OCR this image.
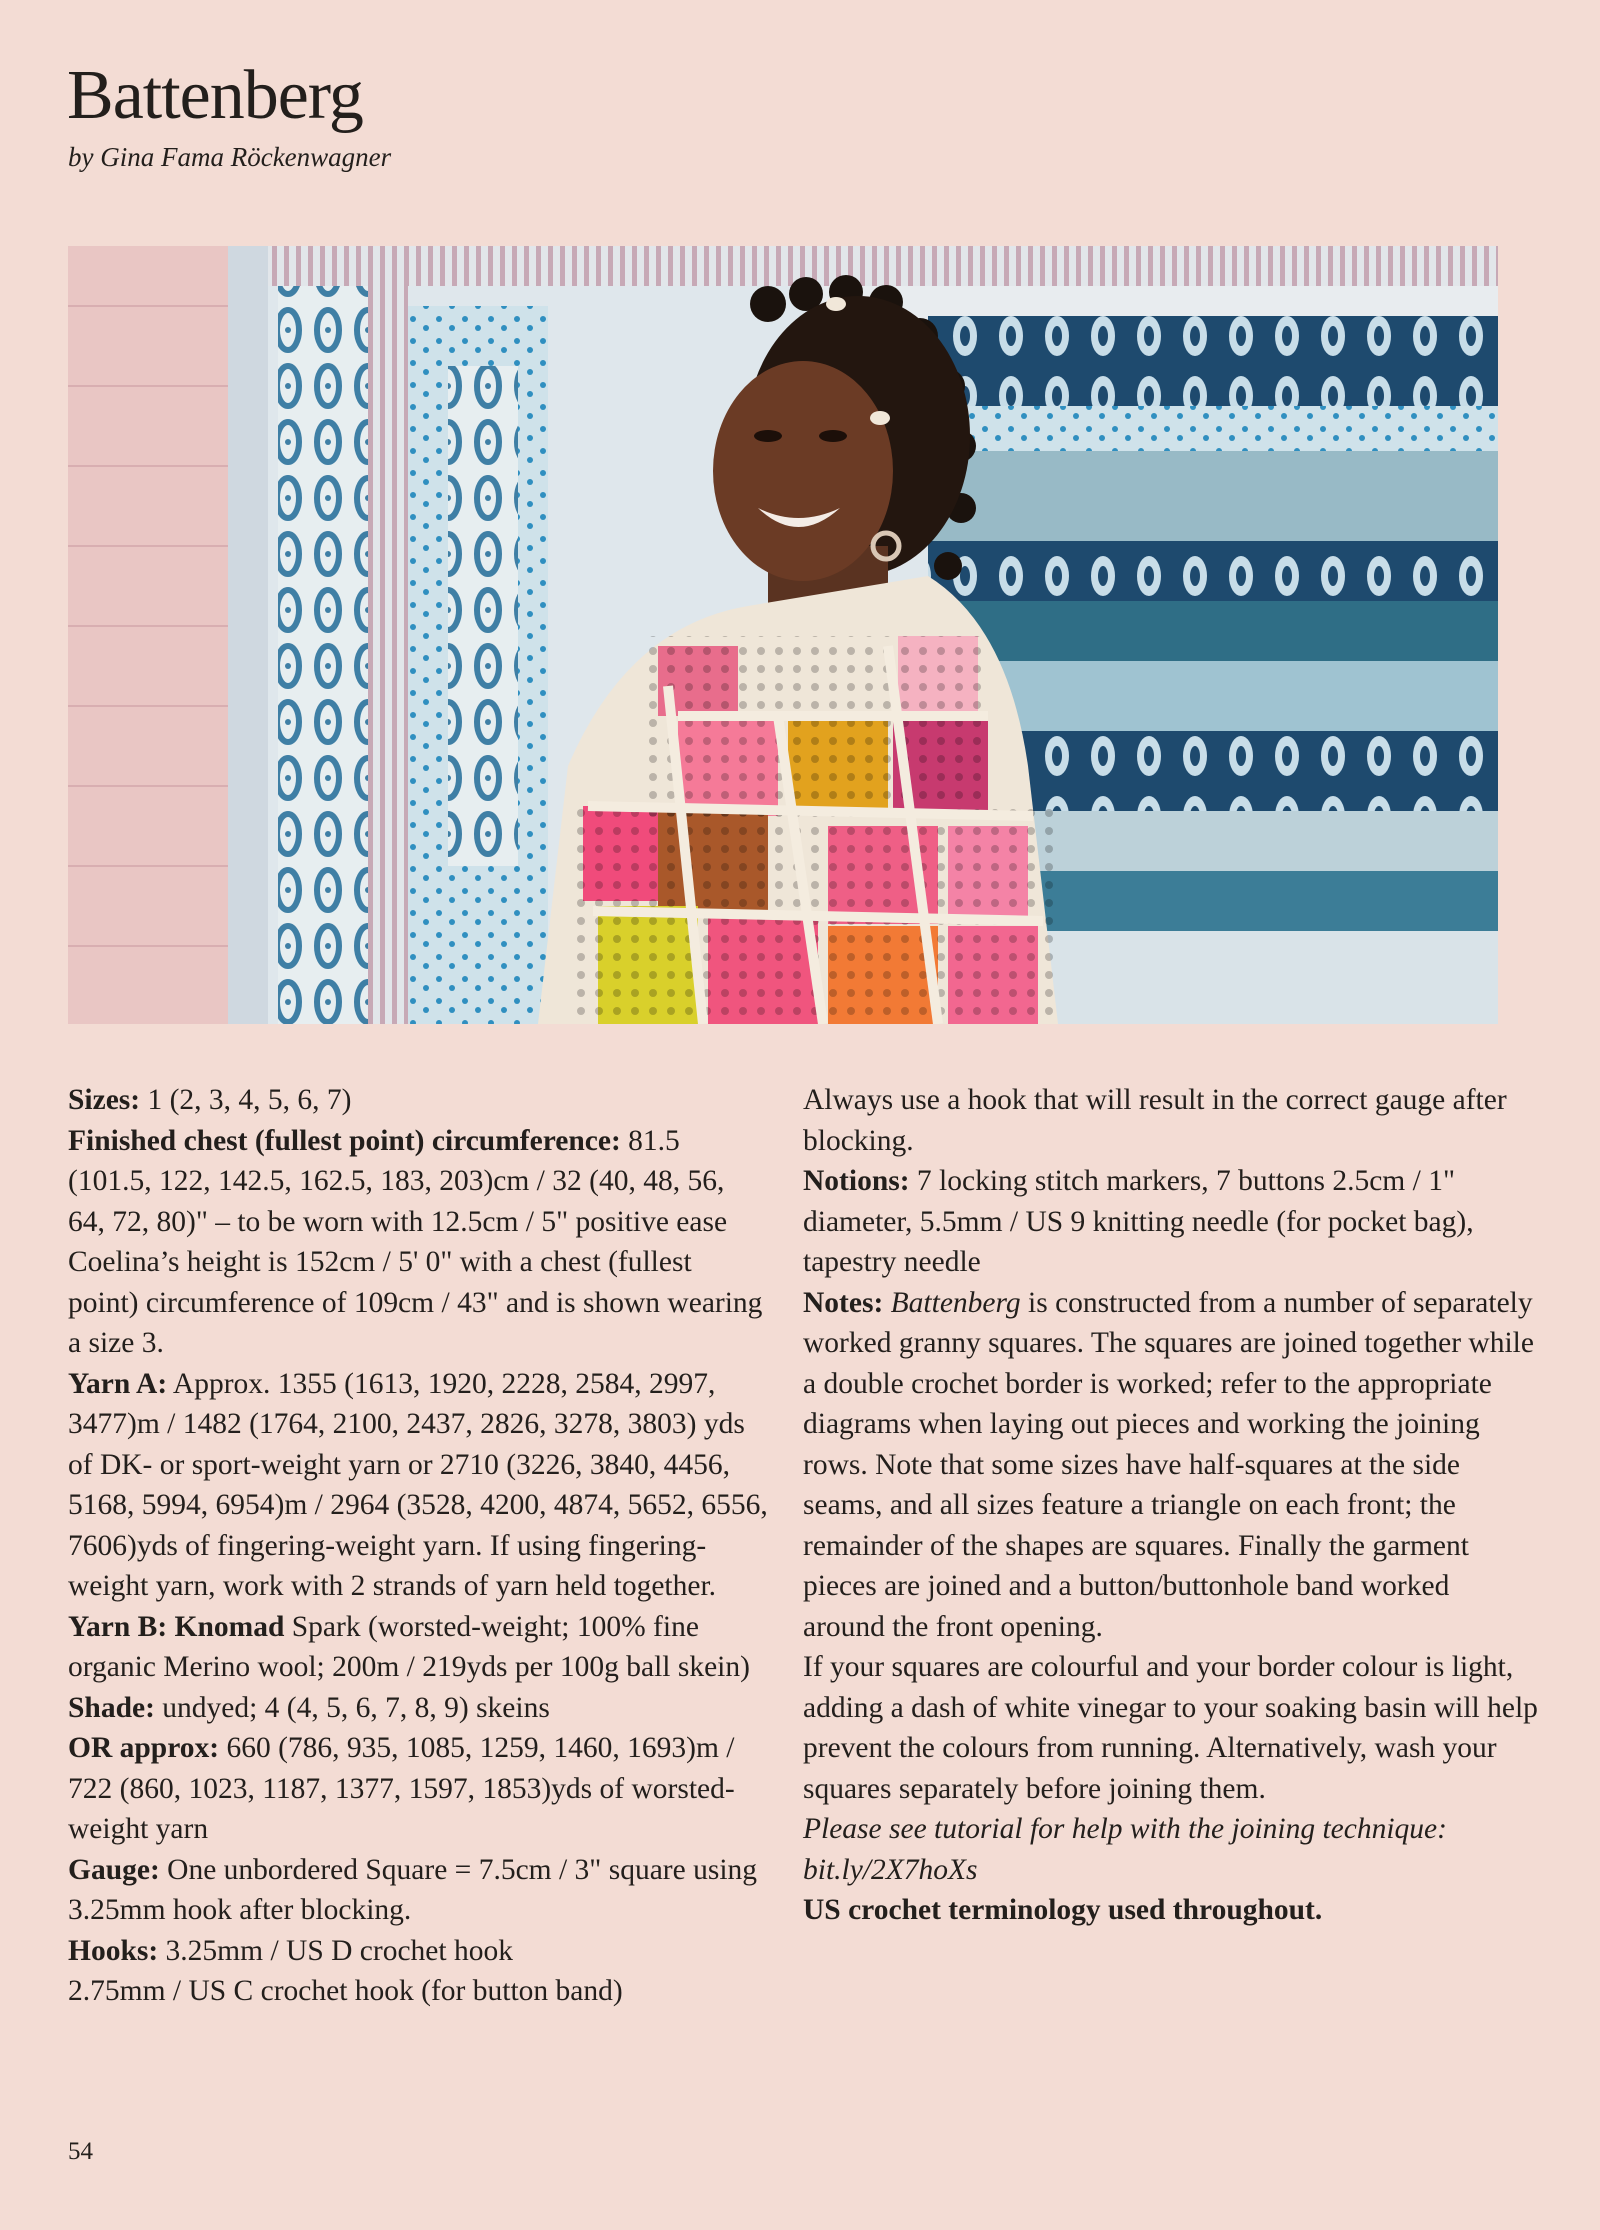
Battenberg

by Gina Fama Röckenwagner

Sizes: 1 (2, 3, 4, 5, 6, 7)

Finished chest (fullest point) circumference: 81.5 (101.5, 122, 142.5, 162.5, 183, 203)cm / 32 (40, 48, 56, 64, 72, 80)" – to be worn with 12.5cm / 5" positive ease

Coelina’s height is 152cm / 5' 0" with a chest (fullest point) circumference of 109cm / 43" and is shown wearing a size 3.

Yarn A: Approx. 1355 (1613, 1920, 2228, 2584, 2997, 3477)m / 1482 (1764, 2100, 2437, 2826, 3278, 3803) yds of DK- or sport-weight yarn or 2710 (3226, 3840, 4456, 5168, 5994, 6954)m / 2964 (3528, 4200, 4874, 5652, 6556, 7606)yds of fingering-weight yarn. If using fingering-weight yarn, work with 2 strands of yarn held together.

Yarn B: Knomad Spark (worsted-weight; 100% fine organic Merino wool; 200m / 219yds per 100g ball skein)

Shade: undyed; 4 (4, 5, 6, 7, 8, 9) skeins

OR approx: 660 (786, 935, 1085, 1259, 1460, 1693)m / 722 (860, 1023, 1187, 1377, 1597, 1853)yds of worsted-weight yarn

Gauge: One unbordered Square = 7.5cm / 3" square using 3.25mm hook after blocking.

Hooks: 3.25mm / US D crochet hook

2.75mm / US C crochet hook (for button band)

Always use a hook that will result in the correct gauge after blocking.

Notions: 7 locking stitch markers, 7 buttons 2.5cm / 1" diameter, 5.5mm / US 9 knitting needle (for pocket bag), tapestry needle

Notes: Battenberg is constructed from a number of separately worked granny squares. The squares are joined together while a double crochet border is worked; refer to the appropriate diagrams when laying out pieces and working the joining rows. Note that some sizes have half-squares at the side seams, and all sizes feature a triangle on each front; the remainder of the shapes are squares. Finally the garment pieces are joined and a button/buttonhole band worked around the front opening.

If your squares are colourful and your border colour is light, adding a dash of white vinegar to your soaking basin will help prevent the colours from running. Alternatively, wash your squares separately before joining them.

Please see tutorial for help with the joining technique: bit.ly/2X7hoXs

US crochet terminology used throughout.

54
